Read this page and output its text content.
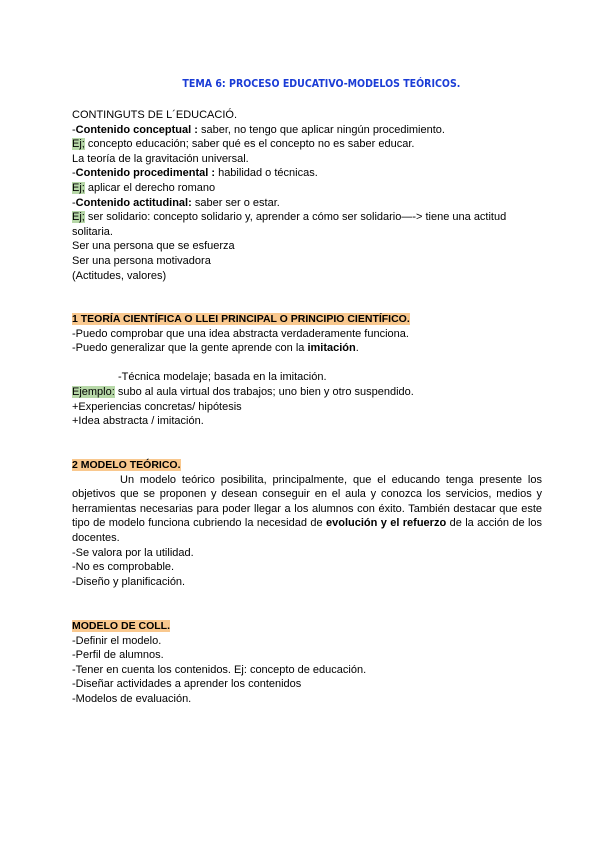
TEMA 6: PROCESO EDUCATIVO-MODELOS TEÓRICOS.
CONTINGUTS DE L´EDUCACIÓ.
-Contenido conceptual : saber, no tengo que aplicar ningún procedimiento.
Ej; concepto educación; saber qué es el concepto no es saber educar.
La teoría de la gravitación universal.
-Contenido procedimental : habilidad o técnicas.
Ej; aplicar el derecho romano
-Contenido actitudinal: saber ser o estar.
Ej; ser solidario: concepto solidario y, aprender a cómo ser solidario—-> tiene una actitud
solitaria.
Ser una persona que se esfuerza
Ser una persona motivadora
(Actitudes, valores)
1 TEORÍA CIENTÍFICA O LLEI PRINCIPAL O PRINCIPIO CIENTÍFICO.
-Puedo comprobar que una idea abstracta verdaderamente funciona.
-Puedo generalizar que la gente aprende con la imitación.
-Técnica modelaje; basada en la imitación.
Ejemplo: subo al aula virtual dos trabajos; uno bien y otro suspendido.
+Experiencias concretas/ hipótesis
+Idea abstracta / imitación.
2 MODELO TEÓRICO.
Un modelo teórico posibilita, principalmente, que el educando tenga presente los objetivos que se proponen y desean conseguir en el aula y conozca los servicios, medios y herramientas necesarias para poder llegar a los alumnos con éxito. También destacar que este tipo de modelo funciona cubriendo la necesidad de evolución y el refuerzo de la acción de los docentes.
-Se valora por la utilidad.
-No es comprobable.
-Diseño y planificación.
MODELO DE COLL.
-Definir el modelo.
-Perfil de alumnos.
-Tener en cuenta los contenidos. Ej: concepto de educación.
-Diseñar actividades a aprender los contenidos
-Modelos de evaluación.
